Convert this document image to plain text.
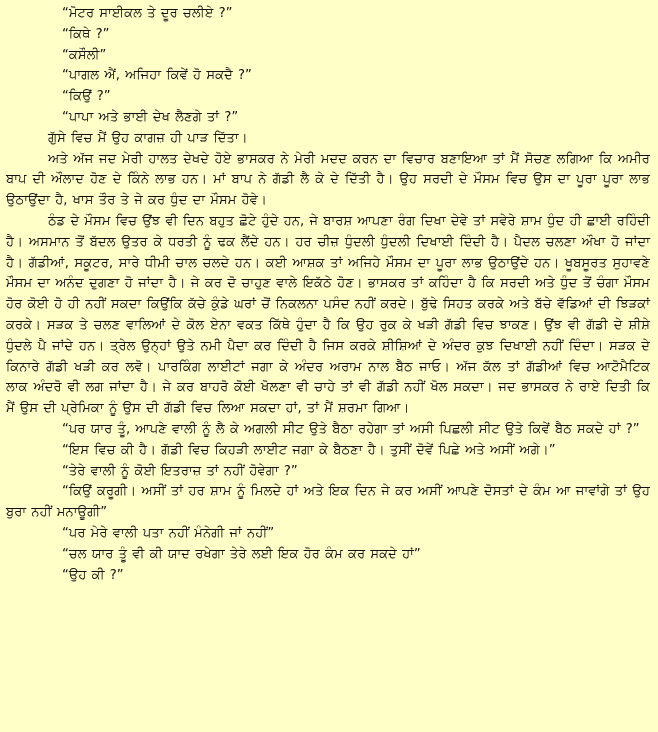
“ਮੋਟਰ ਸਾਈਕਲ ਤੇ ਦੂਰ ਚਲੀਏ ?”

“ਕਿਥੇ ?”

“ਕਸੌਲੀ”

“ਪਾਗਲ ਐਂ, ਅਜਿਹਾ ਕਿਵੇਂ ਹੋ ਸਕਦੈ ?”

“ਕਿਉਂ ?”

“ਪਾਪਾ ਅਤੇ ਭਾਈ ਦੇਖ ਲੈਣਗੇ ਤਾਂ ?”

ਗੁੱਸੇ ਵਿਚ ਮੈਂ ਉਹ ਕਾਗਜ਼ ਹੀ ਪਾੜ ਦਿੱਤਾ।

ਅਤੇ ਅੱਜ ਜਦ ਮੇਰੀ ਹਾਲਤ ਦੇਖਦੇ ਹੋਏ ਭਾਸਕਰ ਨੇ ਮੇਰੀ ਮਦਦ ਕਰਨ ਦਾ ਵਿਚਾਰ ਬਣਾਇਆ ਤਾਂ ਮੈਂ ਸੋਚਣ ਲਗਿਆ ਕਿ ਅਮੀਰ ਬਾਪ ਦੀ ਔਲਾਦ ਹੋਣ ਦੇ ਕਿੰਨੇ ਲਾਭ ਹਨ। ਮਾਂ ਬਾਪ ਨੇ ਗੱਡੀ ਲੈ ਕੇ ਦੇ ਦਿੱਤੀ ਹੈ। ਉਹ ਸਰਦੀ ਦੇ ਮੌਸਮ ਵਿਚ ਉਸ ਦਾ ਪੂਰਾ ਪੂਰਾ ਲਾਭ ਉਠਾਉਂਦਾ ਹੈ, ਖਾਸ ਤੌਰ ਤੇ ਜੇ ਕਰ ਧੁੰਦ ਦਾ ਮੌਸਮ ਹੋਵੇ।

ਠੰਡ ਦੇ ਮੌਸਮ ਵਿਚ ਉਂਝ ਵੀ ਦਿਨ ਬਹੁਤ ਛੋਟੇ ਹੁੰਦੇ ਹਨ, ਜੇ ਬਾਰਸ਼ ਆਪਣਾ ਰੰਗ ਦਿਖਾ ਦੇਵੇ ਤਾਂ ਸਵੇਰੇ ਸ਼ਾਮ ਧੁੰਦ ਹੀ ਛਾਈ ਰਹਿੰਦੀ ਹੈ। ਅਸਮਾਨ ਤੋਂ ਬੱਦਲ ਉਤਰ ਕੇ ਧਰਤੀ ਨੂੰ ਢਕ ਲੈਂਦੇ ਹਨ। ਹਰ ਚੀਜ਼ ਧੁੰਦਲੀ ਧੁੰਦਲੀ ਦਿਖਾਈ ਦਿੰਦੀ ਹੈ। ਪੈਦਲ ਚਲਣਾ ਔਖਾ ਹੋ ਜਾਂਦਾ ਹੈ। ਗੱਡੀਆਂ, ਸਕੂਟਰ, ਸਾਰੇ ਧੀਮੀ ਚਾਲ ਚਲਦੇ ਹਨ। ਕਈ ਆਸ਼ਕ ਤਾਂ ਅਜਿਹੇ ਮੌਸਮ ਦਾ ਪੂਰਾ ਲਾਭ ਉਠਾਉਂਦੇ ਹਨ। ਖੂਬਸੂਰਤ ਸੁਹਾਵਣੇ ਮੌਸਮ ਦਾ ਅਨੰਦ ਦੁਗਣਾ ਹੋ ਜਾਂਦਾ ਹੈ। ਜੇ ਕਰ ਦੋ ਚਾਹੁਣ ਵਾਲੇ ਇਕੱਠੇ ਹੋਣ। ਭਾਸਕਰ ਤਾਂ ਕਹਿੰਦਾ ਹੈ ਕਿ ਸਰਦੀ ਅਤੇ ਧੁੰਦ ਤੋਂ ਚੰਗਾ ਮੌਸਮ ਹੋਰ ਕੋਈ ਹੋ ਹੀ ਨਹੀਂ ਸਕਦਾ ਕਿਉਂਕਿ ਕੱਚੇ ਕੁੰਡੇ ਘਰਾਂ ਚੋਂ ਨਿਕਲਨਾ ਪਸੰਦ ਨਹੀਂ ਕਰਦੇ। ਬੁੱਢੇ ਸਿਹਤ ਕਰਕੇ ਅਤੇ ਬੱਚੇ ਵੱਡਿਆਂ ਦੀ ਝਿੜਕਾਂ ਕਰਕੇ। ਸੜਕ ਤੇ ਚਲਣ ਵਾਲਿਆਂ ਦੇ ਕੋਲ ਏਨਾ ਵਕਤ ਕਿੱਥੇ ਹੁੰਦਾ ਹੈ ਕਿ ਉਹ ਰੁਕ ਕੇ ਖੜੀ ਗੱਡੀ ਵਿਚ ਝਾਕਣ। ਉਂਝ ਵੀ ਗੱਡੀ ਦੇ ਸ਼ੀਸ਼ੇ ਧੁੰਦਲੇ ਪੈ ਜਾਂਦੇ ਹਨ। ਤ੍ਰੇਲ ਉਨ੍ਹਾਂ ਉਤੇ ਨਮੀ ਪੈਦਾ ਕਰ ਦਿੰਦੀ ਹੈ ਜਿਸ ਕਰਕੇ ਸ਼ੀਸ਼ਿਆਂ ਦੇ ਅੰਦਰ ਕੁਝ ਦਿਖਾਈ ਨਹੀਂ ਦਿੰਦਾ। ਸੜਕ ਦੇ ਕਿਨਾਰੇ ਗੱਡੀ ਖੜੀ ਕਰ ਲਵੋ। ਪਾਰਕਿੰਗ ਲਾਈਟਾਂ ਜਗਾ ਕੇ ਅੰਦਰ ਅਰਾਮ ਨਾਲ ਬੈਠ ਜਾਓ। ਅੱਜ ਕੱਲ ਤਾਂ ਗੱਡੀਆਂ ਵਿਚ ਆਟੋਮੈਟਿਕ ਲਾਕ ਅੰਦਰੋ ਵੀ ਲਗ ਜਾਂਦਾ ਹੈ। ਜੇ ਕਰ ਬਾਹਰੋ ਕੋਈ ਖੋਲਣਾ ਵੀ ਚਾਹੇ ਤਾਂ ਵੀ ਗੱਡੀ ਨਹੀਂ ਖੋਲ ਸਕਦਾ। ਜਦ ਭਾਸਕਰ ਨੇ ਰਾਏ ਦਿਤੀ ਕਿ ਮੈਂ ਉਸ ਦੀ ਪ੍ਰੇਮਿਕਾ ਨੂੰ ਉਸ ਦੀ ਗੱਡੀ ਵਿਚ ਲਿਆ ਸਕਦਾ ਹਾਂ, ਤਾਂ ਮੈਂ ਸ਼ਰਮਾ ਗਿਆ।

“ਪਰ ਯਾਰ ਤੂੰ, ਆਪਣੇ ਵਾਲੀ ਨੂੰ ਲੈ ਕੇ ਅਗਲੀ ਸੀਟ ਉਤੇ ਬੈਠਾ ਰਹੇਗਾ ਤਾਂ ਅਸੀ ਪਿਛਲੀ ਸੀਟ ਉਤੇ ਕਿਵੇਂ ਬੈਠ ਸਕਦੇ ਹਾਂ ?”

“ਇਸ ਵਿਚ ਕੀ ਹੈ। ਗੱਡੀ ਵਿਚ ਕਿਹੜੀ ਲਾਈਟ ਜਗਾ ਕੇ ਬੈਠਣਾ ਹੈ। ਤੁਸੀਂ ਦੋਵੇਂ ਪਿਛੇ ਅਤੇ ਅਸੀਂ ਅਗੇ।”

“ਤੇਰੇ ਵਾਲੀ ਨੂੰ ਕੋਈ ਇਤਰਾਜ਼ ਤਾਂ ਨਹੀਂ ਹੋਵੇਗਾ ?”

“ਕਿਉਂ ਕਰੂਗੀ। ਅਸੀਂ ਤਾਂ ਹਰ ਸ਼ਾਮ ਨੂੰ ਮਿਲਦੇ ਹਾਂ ਅਤੇ ਇਕ ਦਿਨ ਜੇ ਕਰ ਅਸੀਂ ਆਪਣੇ ਦੋਸਤਾਂ ਦੇ ਕੰਮ ਆ ਜਾਵਾਂਗੇ ਤਾਂ ਉਹ ਬੁਰਾ ਨਹੀਂ ਮਨਾਊਗੀ”

“ਪਰ ਮੇਰੇ ਵਾਲੀ ਪਤਾ ਨਹੀਂ ਮੰਨੇਗੀ ਜਾਂ ਨਹੀਂ”

“ਚਲ ਯਾਰ ਤੂੰ ਵੀ ਕੀ ਯਾਦ ਰਖੇਗਾ ਤੇਰੇ ਲਈ ਇਕ ਹੋਰ ਕੰਮ ਕਰ ਸਕਦੇ ਹਾਂ”

“ਉਹ ਕੀ ?”
